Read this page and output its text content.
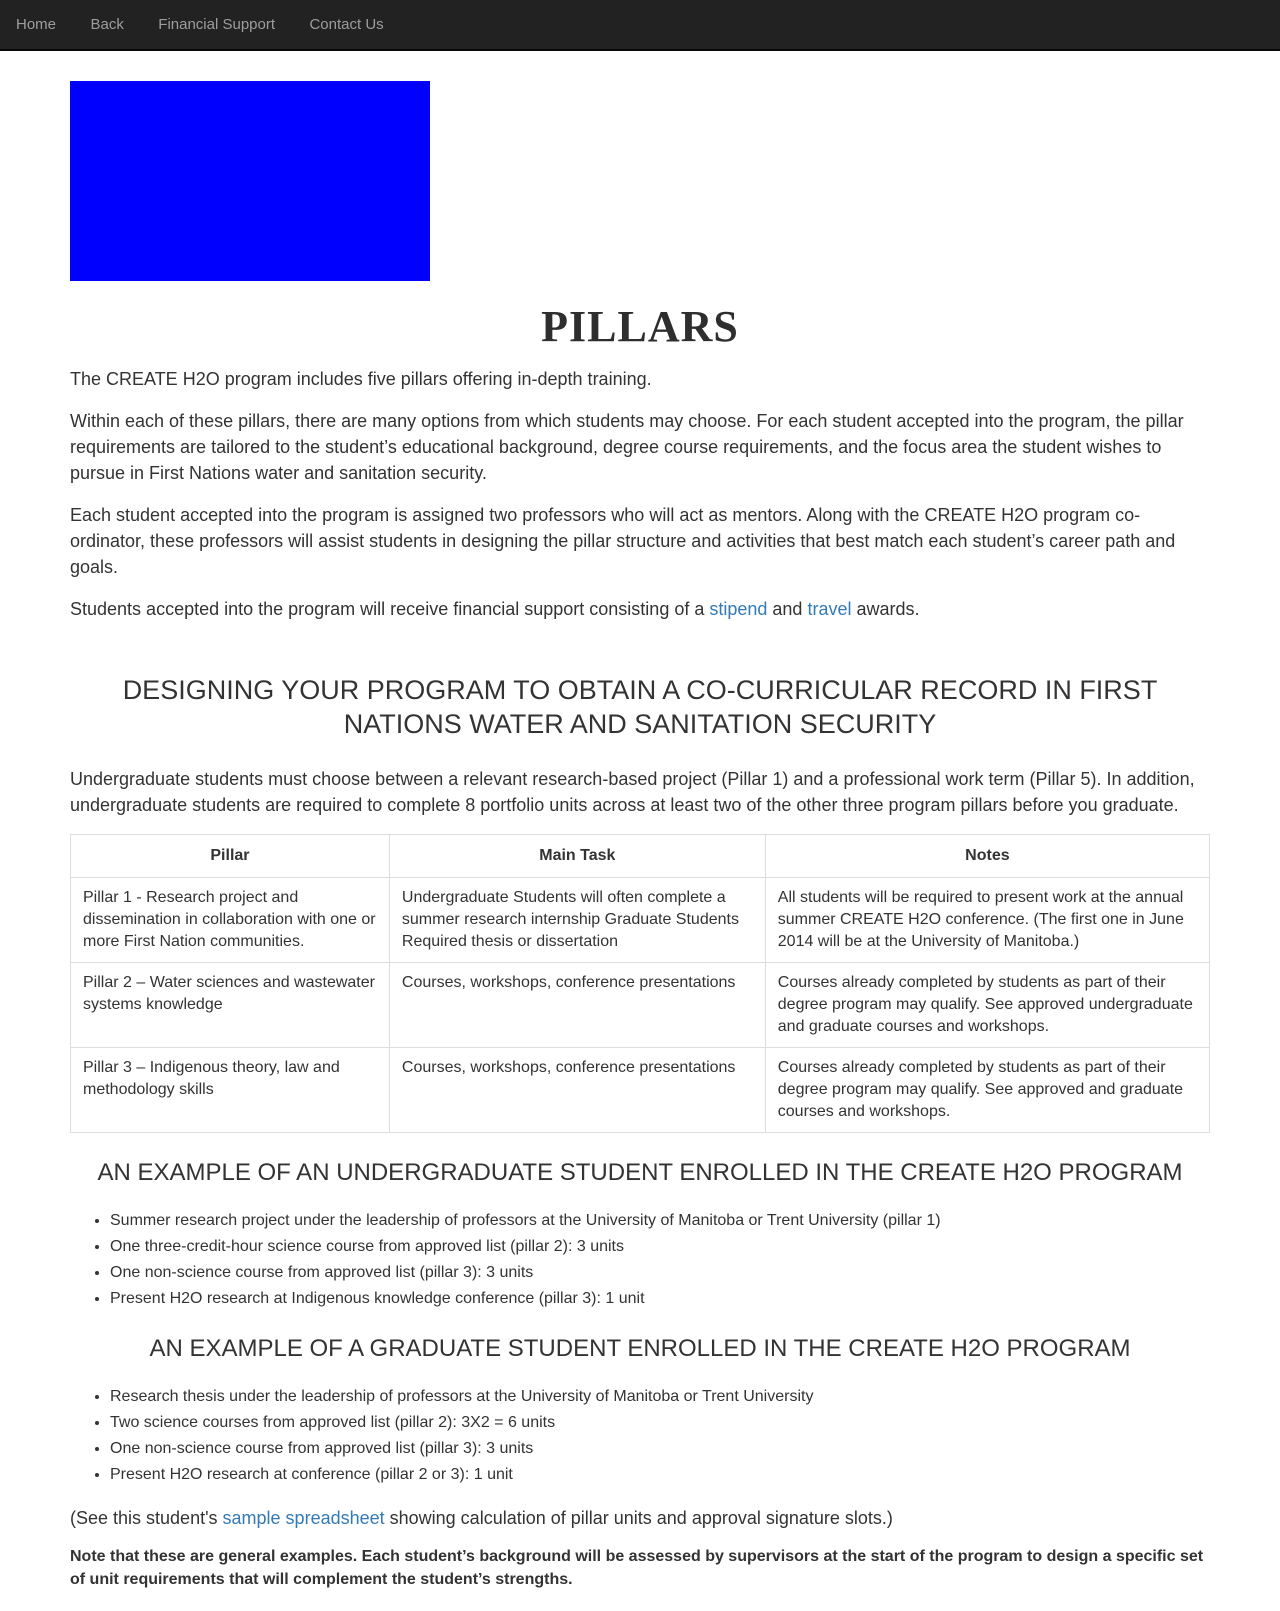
Home Back Financial Support Contact Us
PILLARS

The CREATE H2O program includes five pillars offering in-depth training.

Within each of these pillars, there are many options from which students may choose. For each student accepted into the program, the pillar requirements are tailored to the student’s educational background, degree course requirements, and the focus area the student wishes to pursue in First Nations water and sanitation security.

Each student accepted into the program is assigned two professors who will act as mentors. Along with the CREATE H2O program co-ordinator, these professors will assist students in designing the pillar structure and activities that best match each student’s career path and goals.

Students accepted into the program will receive financial support consisting of a stipend and travel awards.

DESIGNING YOUR PROGRAM TO OBTAIN A CO-CURRICULAR RECORD IN FIRST NATIONS WATER AND SANITATION SECURITY

Undergraduate students must choose between a relevant research-based project (Pillar 1) and a professional work term (Pillar 5). In addition, undergraduate students are required to complete 8 portfolio units across at least two of the other three program pillars before you graduate.

Pillar	Main Task	Notes
Pillar 1 - Research project and dissemination in collaboration with one or more First Nation communities.	Undergraduate Students will often complete a summer research internship Graduate Students Required thesis or dissertation	All students will be required to present work at the annual summer CREATE H2O conference. (The first one in June 2014 will be at the University of Manitoba.)
Pillar 2 – Water sciences and wastewater systems knowledge	Courses, workshops, conference presentations	Courses already completed by students as part of their degree program may qualify. See approved undergraduate and graduate courses and workshops.
Pillar 3 – Indigenous theory, law and methodology skills	Courses, workshops, conference presentations	Courses already completed by students as part of their degree program may qualify. See approved and graduate courses and workshops.
AN EXAMPLE OF AN UNDERGRADUATE STUDENT ENROLLED IN THE CREATE H2O PROGRAM
• Summer research project under the leadership of professors at the University of Manitoba or Trent University (pillar 1)
• One three-credit-hour science course from approved list (pillar 2): 3 units
• One non-science course from approved list (pillar 3): 3 units
• Present H2O research at Indigenous knowledge conference (pillar 3): 1 unit
AN EXAMPLE OF A GRADUATE STUDENT ENROLLED IN THE CREATE H2O PROGRAM
• Research thesis under the leadership of professors at the University of Manitoba or Trent University
• Two science courses from approved list (pillar 2): 3X2 = 6 units
• One non-science course from approved list (pillar 3): 3 units
• Present H2O research at conference (pillar 2 or 3): 1 unit

(See this student's sample spreadsheet showing calculation of pillar units and approval signature slots.)

Note that these are general examples. Each student’s background will be assessed by supervisors at the start of the program to design a specific set of unit requirements that will complement the student’s strengths.
